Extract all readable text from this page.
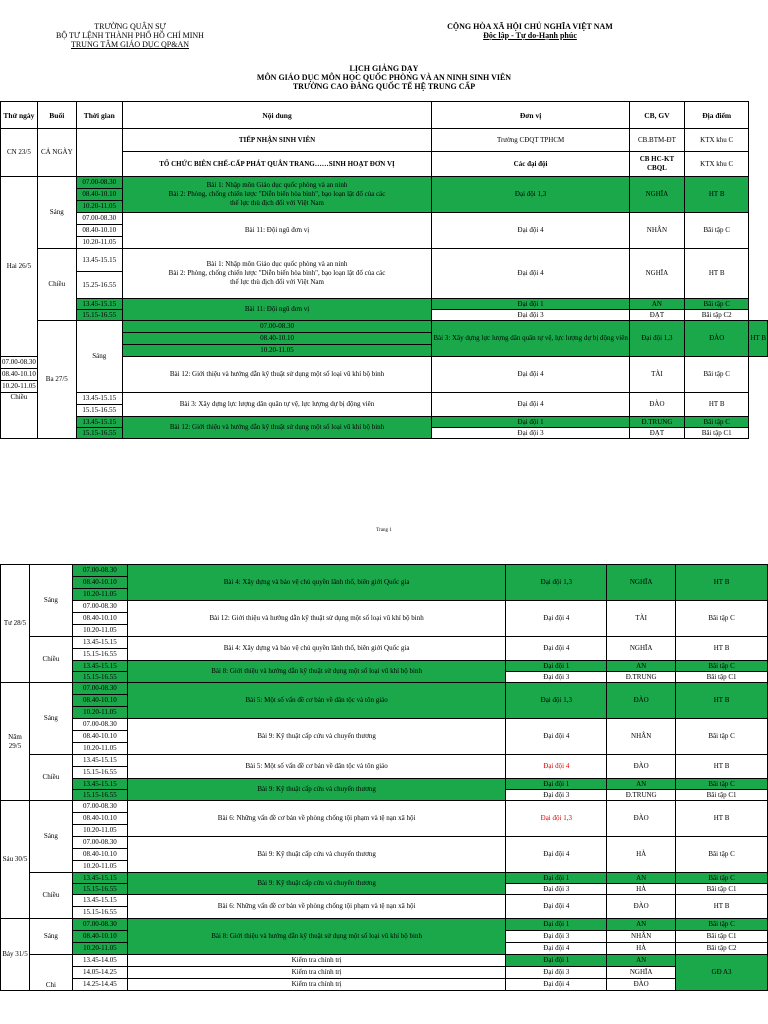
TRƯỜNG QUÂN SỰ
BỘ TƯ LỆNH THÀNH PHỐ HỒ CHÍ MINH
TRUNG TÂM GIÁO DỤC QP&AN
CỘNG HÒA XÃ HỘI CHỦ NGHĨA VIỆT NAM
Độc lập - Tự do-Hạnh phúc
LỊCH GIẢNG DẠY
MÔN GIÁO DỤC MÔN HỌC QUỐC PHÒNG VÀ AN NINH SINH VIÊN
TRƯỜNG CAO ĐẲNG QUỐC TẾ HỆ TRUNG CẤP
Thứ ngày	Buổi	Thời gian	Nội dung	Đơn vị	CB, GV	Địa điểm	
CN 23/5	CẢ NGÀY		TIẾP NHẬN SINH VIÊN	Trường CĐQT TPHCM	CB.BTM-ĐT	KTX khu C	
			TỔ CHỨC BIÊN CHẾ-CẤP PHÁT QUÂN TRANG……SINH HOẠT ĐƠN VỊ	Các đại đội	CB HC-KT CBQL	KTX khu C	
Hai 26/5	Sáng	07.00-08.30	Bài 1: Nhập môn Giáo dục quốc phòng và an ninh
Bài 2: Phòng, chống chiến lược "Diễn biến hòa bình", bạo loạn lật đổ của các
thế lực thù địch đối với Việt Nam	Đại đội 1,3	NGHĨA	HT B	
		08.40-10.10					
		10.20-11.05					
		07.00-08.30	Bài 11: Đội ngũ đơn vị	Đại đội 4	NHÂN	Bãi tập C	
		08.40-10.10					
		10.20-11.05					
	Chiều	13.45-15.15	Bài 1: Nhập môn Giáo dục quốc phòng và an ninh
Bài 2: Phòng, chống chiến lược "Diễn biến hòa bình", bạo loạn lật đổ của các
thế lực thù địch đối với Việt Nam	Đại đội 4	NGHĨA	HT B	
		15.25-16.55					
		13.45-15.15	Bài 11: Đội ngũ đơn vị	Đại đội 1	AN	Bãi tập C	
		15.15-16.55		Đại đội 3	ĐẠT	Bãi tập C2	
	Ba 27/5	Sáng	07.00-08.30	Bài 3: Xây dựng lực lượng dân quân tự vệ, lực lượng dự bị động viên	Đại đội 1,3	ĐÀO	HT B
			08.40-10.10				
			10.20-11.05				
07.00-08.30			Bài 12: Giới thiệu và hướng dẫn kỹ thuật sử dụng một số loại vũ khí bộ binh	Đại đội 4	TÀI	Bãi tập C	
08.40-10.10							
10.20-11.05							
Chiều		13.45-15.15	Bài 3: Xây dựng lực lượng dân quân tự vệ, lực lượng dự bị động viên	Đại đội 4	ĐÀO	HT B	
		15.15-16.55					
		13.45-15.15	Bài 12: Giới thiệu và hướng dẫn kỹ thuật sử dụng một số loại vũ khí bộ binh	Đại đội 1	Đ.TRUNG	Bãi tập C	
		15.15-16.55		Đại đội 3	ĐẠT	Bãi tập C1	
Trang 1
Tư 28/5	Sáng	07.00-08.30	Bài 4: Xây dựng và bảo vệ chủ quyền lãnh thổ, biên giới Quốc gia	Đại đội 1,3	NGHĨA	HT B
		08.40-10.10				
		10.20-11.05				
		07.00-08.30	Bài 12: Giới thiệu và hướng dẫn kỹ thuật sử dụng một số loại vũ khí bộ binh	Đại đội 4	TÀI	Bãi tập C
		08.40-10.10				
		10.20-11.05				
	Chiều	13.45-15.15	Bài 4: Xây dựng và bảo vệ chủ quyền lãnh thổ, biên giới Quốc gia	Đại đội 4	NGHĨA	HT B
		15.15-16.55				
		13.45-15.15	Bài 8: Giới thiệu và hướng dẫn kỹ thuật sử dụng một số loại vũ khí bộ binh	Đại đội 1	AN	Bãi tập C
		15.15-16.55		Đại đội 3	Đ.TRUNG	Bãi tập C1
Năm 29/5	Sáng	07.00-08.30	Bài 5: Một số vấn đề cơ bản về dân tộc và tôn giáo	Đại đội 1,3	ĐÀO	HT B
		08.40-10.10				
		10.20-11.05				
		07.00-08.30	Bài 9: Kỹ thuật cấp cứu và chuyển thương	Đại đội 4	NHÂN	Bãi tập C
		08.40-10.10				
		10.20-11.05				
	Chiều	13.45-15.15	Bài 5: Một số vấn đề cơ bản về dân tộc và tôn giáo	Đại đội 4	ĐÀO	HT B
		15.15-16.55				
		13.45-15.15	Bài 9: Kỹ thuật cấp cứu và chuyển thương	Đại đội 1	AN	Bãi tập C
		15.15-16.55		Đại đội 3	Đ.TRUNG	Bãi tập C1
Sáu 30/5	Sáng	07.00-08.30	Bài 6: Những vấn đề cơ bản về phòng chống tội phạm và tệ nạn xã hội	Đại đội 1,3	ĐÀO	HT B
		08.40-10.10				
		10.20-11.05				
		07.00-08.30	Bài 9: Kỹ thuật cấp cứu và chuyển thương	Đại đội 4	HÀ	Bãi tập C
		08.40-10.10				
		10.20-11.05				
	Chiều	13.45-15.15	Bài 9: Kỹ thuật cấp cứu và chuyển thương	Đại đội 1	AN	Bãi tập C
		15.15-16.55		Đại đội 3	HÀ	Bãi tập C1
		13.45-15.15	Bài 6: Những vấn đề cơ bản về phòng chống tội phạm và tệ nạn xã hội	Đại đội 4	ĐÀO	HT B
		15.15-16.55				
Bảy 31/5	Sáng	07.00-08.30	Bài 8: Giới thiệu và hướng dẫn kỹ thuật sử dụng một số loại vũ khí bộ binh	Đại đội 1	AN	Bãi tập C
		08.40-10.10		Đại đội 3	NHÂN	Bãi tập C1
		10.20-11.05		Đại đội 4	HÀ	Bãi tập C2
	Chi	13.45-14.05	Kiểm tra chính trị	Đại đội 1	AN	GĐ A3
		14.05-14.25	Kiểm tra chính trị	Đại đội 3	NGHĨA	
		14.25-14.45	Kiểm tra chính trị	Đại đội 4	ĐÀO	
